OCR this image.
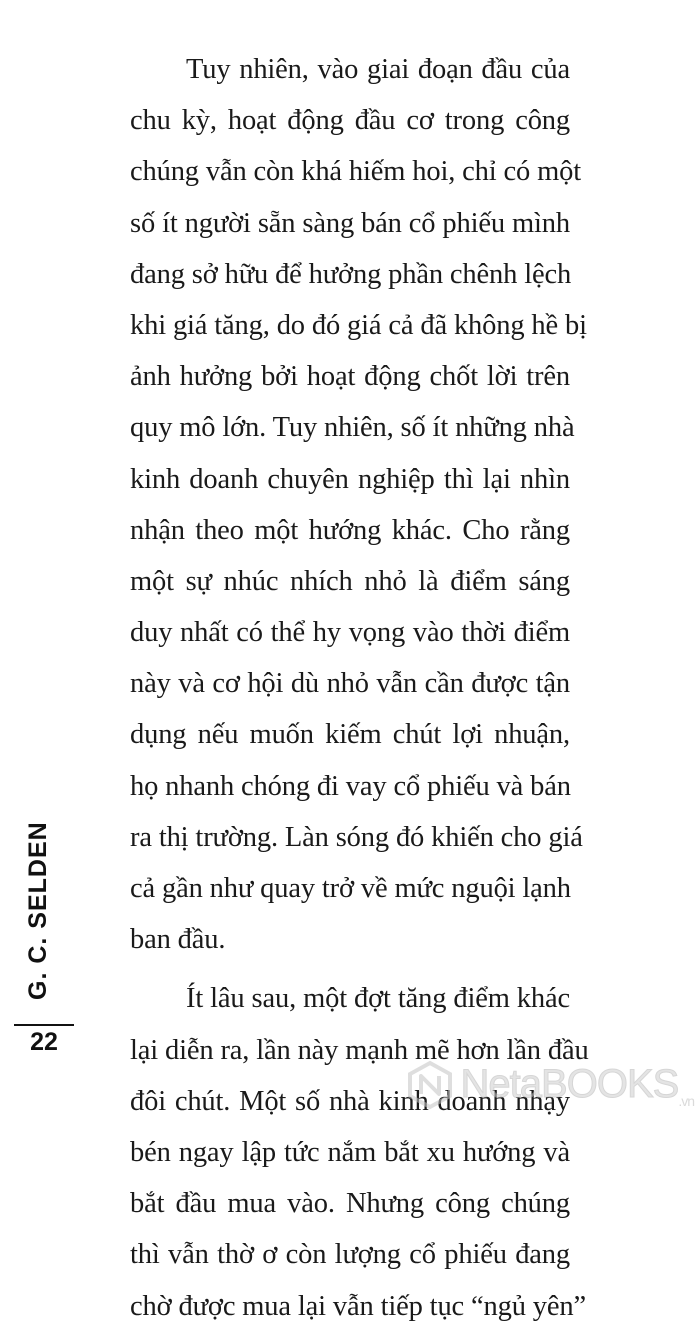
Tuy nhiên, vào giai đoạn đầu của
chu kỳ, hoạt động đầu cơ trong công
chúng vẫn còn khá hiếm hoi, chỉ có một
số ít người sẵn sàng bán cổ phiếu mình
đang sở hữu để hưởng phần chênh lệch
khi giá tăng, do đó giá cả đã không hề bị
ảnh hưởng bởi hoạt động chốt lời trên
quy mô lớn. Tuy nhiên, số ít những nhà
kinh doanh chuyên nghiệp thì lại nhìn
nhận theo một hướng khác. Cho rằng
một sự nhúc nhích nhỏ là điểm sáng
duy nhất có thể hy vọng vào thời điểm
này và cơ hội dù nhỏ vẫn cần được tận
dụng nếu muốn kiếm chút lợi nhuận,
họ nhanh chóng đi vay cổ phiếu và bán
ra thị trường. Làn sóng đó khiến cho giá
cả gần như quay trở về mức nguội lạnh
ban đầu.
Ít lâu sau, một đợt tăng điểm khác
lại diễn ra, lần này mạnh mẽ hơn lần đầu
đôi chút. Một số nhà kinh doanh nhạy
bén ngay lập tức nắm bắt xu hướng và
bắt đầu mua vào. Nhưng công chúng
thì vẫn thờ ơ còn lượng cổ phiếu đang
chờ được mua lại vẫn tiếp tục “ngủ yên”
G. C. SELDEN
22
NetaBOOKS$_{.vn}$
